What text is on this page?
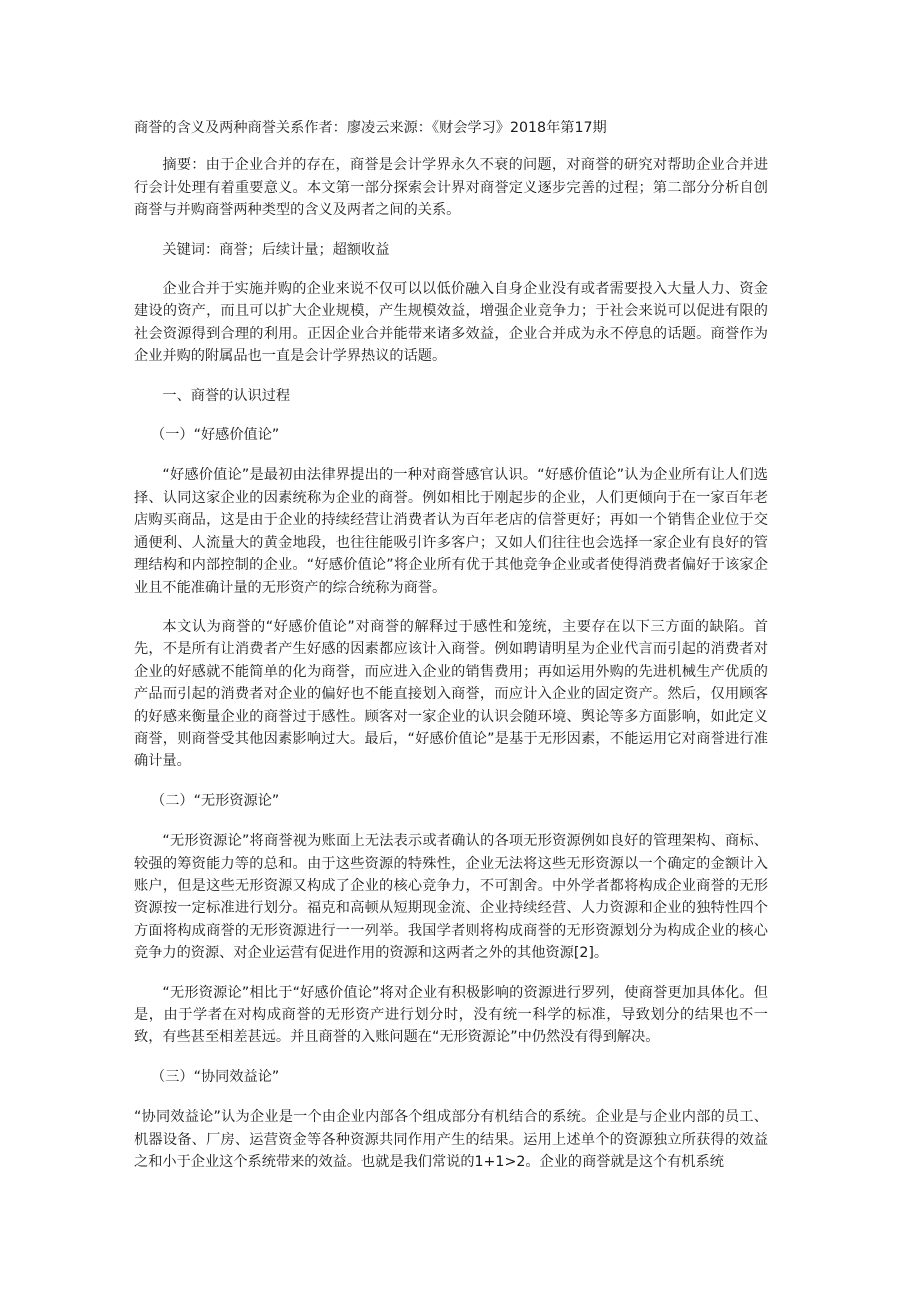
商誉的含义及两种商誉关系作者：廖凌云来源：《财会学习》2018年第17期

摘要：由于企业合并的存在，商誉是会计学界永久不衰的问题，对商誉的研究对帮助企业合并进行会计处理有着重要意义。本文第一部分探索会计界对商誉定义逐步完善的过程；第二部分分析自创商誉与并购商誉两种类型的含义及两者之间的关系。

关键词：商誉；后续计量；超额收益

企业合并于实施并购的企业来说不仅可以以低价融入自身企业没有或者需要投入大量人力、资金建设的资产，而且可以扩大企业规模，产生规模效益，增强企业竞争力；于社会来说可以促进有限的社会资源得到合理的利用。正因企业合并能带来诸多效益，企业合并成为永不停息的话题。商誉作为企业并购的附属品也一直是会计学界热议的话题。

一、商誉的认识过程
（一）“好感价值论”

“好感价值论”是最初由法律界提出的一种对商誉感官认识。“好感价值论”认为企业所有让人们选择、认同这家企业的因素统称为企业的商誉。例如相比于刚起步的企业，人们更倾向于在一家百年老店购买商品，这是由于企业的持续经营让消费者认为百年老店的信誉更好；再如一个销售企业位于交通便利、人流量大的黄金地段，也往往能吸引许多客户；又如人们往往也会选择一家企业有良好的管理结构和内部控制的企业。“好感价值论”将企业所有优于其他竞争企业或者使得消费者偏好于该家企业且不能准确计量的无形资产的综合统称为商誉。

本文认为商誉的“好感价值论”对商誉的解释过于感性和笼统，主要存在以下三方面的缺陷。首先，不是所有让消费者产生好感的因素都应该计入商誉。例如聘请明星为企业代言而引起的消费者对企业的好感就不能简单的化为商誉，而应进入企业的销售费用；再如运用外购的先进机械生产优质的产品而引起的消费者对企业的偏好也不能直接划入商誉，而应计入企业的固定资产。然后，仅用顾客的好感来衡量企业的商誉过于感性。顾客对一家企业的认识会随环境、舆论等多方面影响，如此定义商誉，则商誉受其他因素影响过大。最后，“好感价值论”是基于无形因素，不能运用它对商誉进行准确计量。

（二）“无形资源论”

“无形资源论”将商誉视为账面上无法表示或者确认的各项无形资源例如良好的管理架构、商标、较强的筹资能力等的总和。由于这些资源的特殊性，企业无法将这些无形资源以一个确定的金额计入账户，但是这些无形资源又构成了企业的核心竞争力，不可割舍。中外学者都将构成企业商誉的无形资源按一定标准进行划分。福克和高顿从短期现金流、企业持续经营、人力资源和企业的独特性四个方面将构成商誉的无形资源进行一一列举。我国学者则将构成商誉的无形资源划分为构成企业的核心竞争力的资源、对企业运营有促进作用的资源和这两者之外的其他资源[2]。

“无形资源论”相比于“好感价值论”将对企业有积极影响的资源进行罗列，使商誉更加具体化。但是，由于学者在对构成商誉的无形资产进行划分时，没有统一科学的标准，导致划分的结果也不一致，有些甚至相差甚远。并且商誉的入账问题在“无形资源论”中仍然没有得到解决。

（三）“协同效益论”

“协同效益论”认为企业是一个由企业内部各个组成部分有机结合的系统。企业是与企业内部的员工、机器设备、厂房、运营资金等各种资源共同作用产生的结果。运用上述单个的资源独立所获得的效益之和小于企业这个系统带来的效益。也就是我们常说的1+1>2。企业的商誉就是这个有机系统
